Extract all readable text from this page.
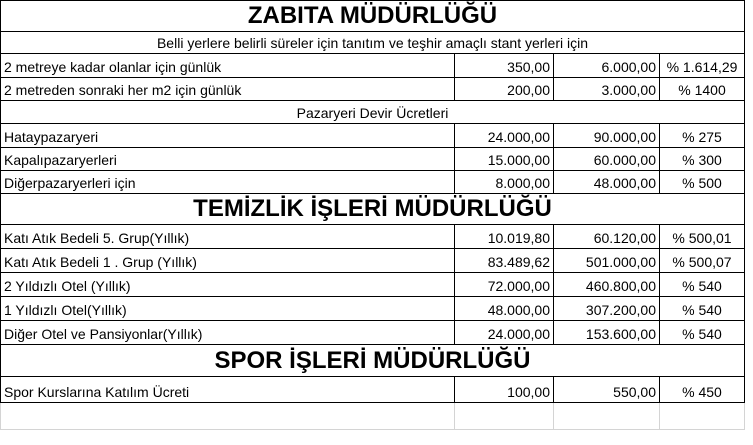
ZABITA MÜDÜRLÜĞÜ
Belli yerlere belirli süreler için tanıtım ve teşhir amaçlı stant yerleri için
2 metreye kadar olanlar için günlük	350,00	6.000,00 % 1.614,29
2 metreden sonraki her m2 için günlük	200,00	3.000,00	% 1400
Pazaryeri Devir Ücretleri
Hataypazaryeri	24.000,00	90.000,00	% 275
Kapalıpazaryerleri	15.000,00	60.000,00	% 300
Diğerpazaryerleri için	8.000,00	48.000,00	% 500
TEMİZLİK İŞLERİ MÜDÜRLÜĞÜ
Katı Atık Bedeli 5. Grup(Yıllık)	10.019,80	60.120,00	% 500,01
Katı Atık Bedeli 1 . Grup (Yıllık)	83.489,62	501.000,00	% 500,07
2 Yıldızlı Otel (Yıllık)	72.000,00	460.800,00	% 540
1 Yıldızlı Otel(Yıllık)	48.000,00	307.200,00	% 540
Diğer Otel ve Pansiyonlar(Yıllık)	24.000,00	153.600,00	% 540
SPOR İŞLERİ MÜDÜRLÜĞÜ
Spor Kurslarına Katılım Ücreti	100,00	550,00	% 450
